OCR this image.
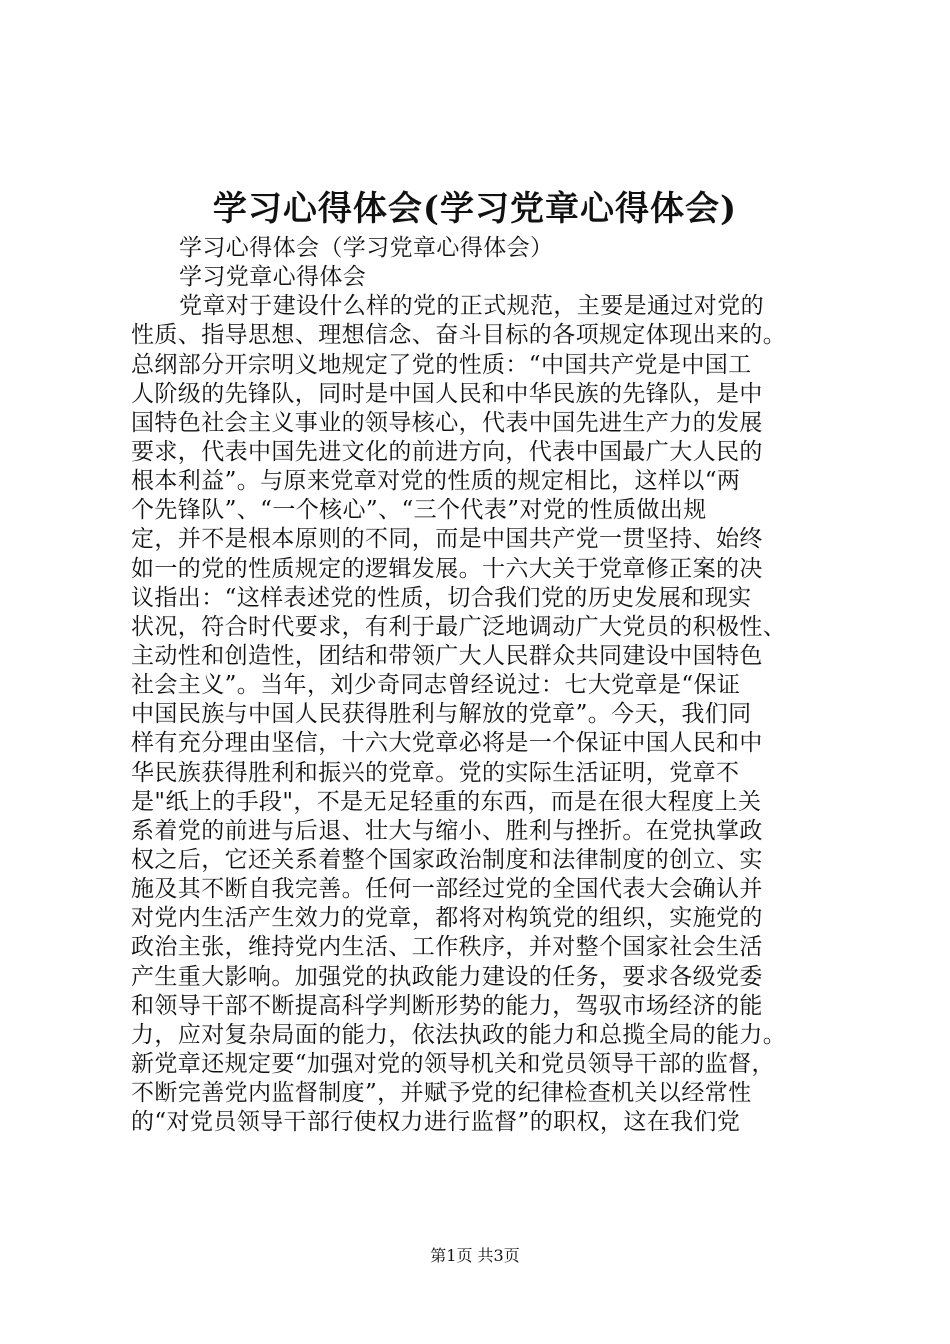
学习心得体会(学习党章心得体会)
学习心得体会（学习党章心得体会）
学习党章心得体会
党章对于建设什么样的党的正式规范，主要是通过对党的
性质、指导思想、理想信念、奋斗目标的各项规定体现出来的。
总纲部分开宗明义地规定了党的性质：“中国共产党是中国工
人阶级的先锋队，同时是中国人民和中华民族的先锋队，是中
国特色社会主义事业的领导核心，代表中国先进生产力的发展
要求，代表中国先进文化的前进方向，代表中国最广大人民的
根本利益”。与原来党章对党的性质的规定相比，这样以“两
个先锋队”、“一个核心”、“三个代表”对党的性质做出规
定，并不是根本原则的不同，而是中国共产党一贯坚持、始终
如一的党的性质规定的逻辑发展。十六大关于党章修正案的决
议指出：“这样表述党的性质，切合我们党的历史发展和现实
状况，符合时代要求，有利于最广泛地调动广大党员的积极性、
主动性和创造性，团结和带领广大人民群众共同建设中国特色
社会主义”。当年，刘少奇同志曾经说过：七大党章是“保证
中国民族与中国人民获得胜利与解放的党章”。今天，我们同
样有充分理由坚信，十六大党章必将是一个保证中国人民和中
华民族获得胜利和振兴的党章。党的实际生活证明，党章不
是"纸上的手段"，不是无足轻重的东西，而是在很大程度上关
系着党的前进与后退、壮大与缩小、胜利与挫折。在党执掌政
权之后，它还关系着整个国家政治制度和法律制度的创立、实
施及其不断自我完善。任何一部经过党的全国代表大会确认并
对党内生活产生效力的党章，都将对构筑党的组织，实施党的
政治主张，维持党内生活、工作秩序，并对整个国家社会生活
产生重大影响。加强党的执政能力建设的任务，要求各级党委
和领导干部不断提高科学判断形势的能力，驾驭市场经济的能
力，应对复杂局面的能力，依法执政的能力和总揽全局的能力。
新党章还规定要“加强对党的领导机关和党员领导干部的监督，
不断完善党内监督制度”，并赋予党的纪律检查机关以经常性
的“对党员领导干部行使权力进行监督”的职权，这在我们党
第1页 共3页
